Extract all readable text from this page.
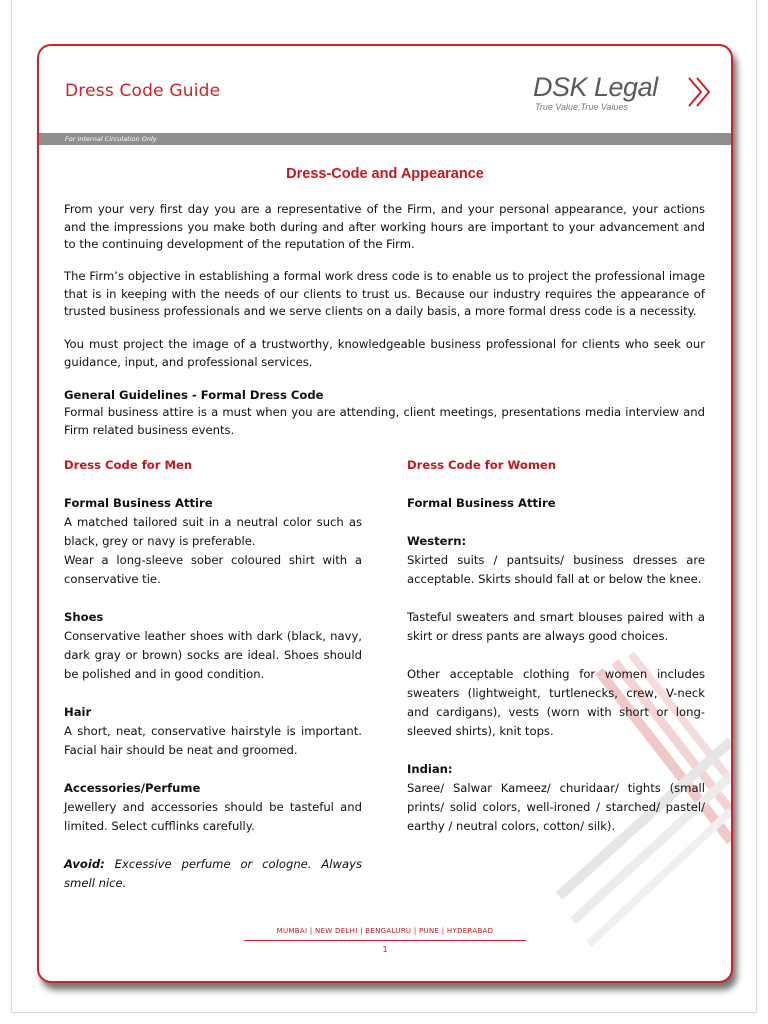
Dress Code Guide	DSK Legal
True Value,True Values
For Internal Circulation Only
Dress-Code and Appearance

From your very first day you are a representative of the Firm, and your personal appearance, your actions and the impressions you make both during and after working hours are important to your advancement and to the continuing development of the reputation of the Firm.

The Firm’s objective in establishing a formal work dress code is to enable us to project the professional image that is in keeping with the needs of our clients to trust us. Because our industry requires the appearance of trusted business professionals and we serve clients on a daily basis, a more formal dress code is a necessity.

You must project the image of a trustworthy, knowledgeable business professional for clients who seek our guidance, input, and professional services.

General Guidelines - Formal Dress Code

Formal business attire is a must when you are attending, client meetings, presentations media interview and Firm related business events.

Dress Code for Men

Formal Business Attire

A matched tailored suit in a neutral color such as black, grey or navy is preferable.

Wear a long-sleeve sober coloured shirt with a conservative tie.

Shoes

Conservative leather shoes with dark (black, navy, dark gray or brown) socks are ideal. Shoes should be polished and in good condition.

Hair

A short, neat, conservative hairstyle is important. Facial hair should be neat and groomed.

Accessories/Perfume

Jewellery and accessories should be tasteful and limited. Select cufflinks carefully.

Avoid: Excessive perfume or cologne. Always smell nice.

Dress Code for Women

Formal Business Attire

Western:

Skirted suits / pantsuits/ business dresses are acceptable. Skirts should fall at or below the knee.

Tasteful sweaters and smart blouses paired with a skirt or dress pants are always good choices.

Other acceptable clothing for women includes sweaters (lightweight, turtlenecks, crew, V-neck and cardigans), vests (worn with short or long-sleeved shirts), knit tops.

Indian:

Saree/ Salwar Kameez/ churidaar/ tights (small prints/ solid colors, well-ironed / starched/ pastel/ earthy / neutral colors, cotton/ silk).

MUMBAI | NEW DELHI | BENGALURU | PUNE | HYDERABAD
1
